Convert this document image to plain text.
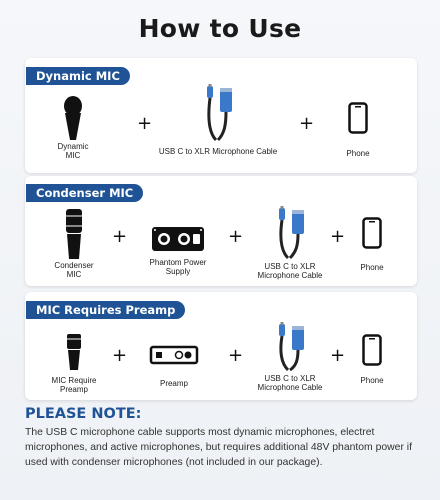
How to Use
Dynamic MIC
Dynamic
MIC
+
USB C to XLR Microphone Cable
+
Phone
Condenser MIC
Condenser
MIC
+
Phantom Power
Supply
+
USB C to XLR
Microphone Cable
+
Phone
MIC Requires Preamp
MIC Require
Preamp
+
Preamp
+
USB C to XLR
Microphone Cable
+
Phone
PLEASE NOTE:
The USB C microphone cable supports most dynamic microphones, electret microphones, and active microphones, but requires additional 48V phantom power if used with condenser microphones (not included in our package).
